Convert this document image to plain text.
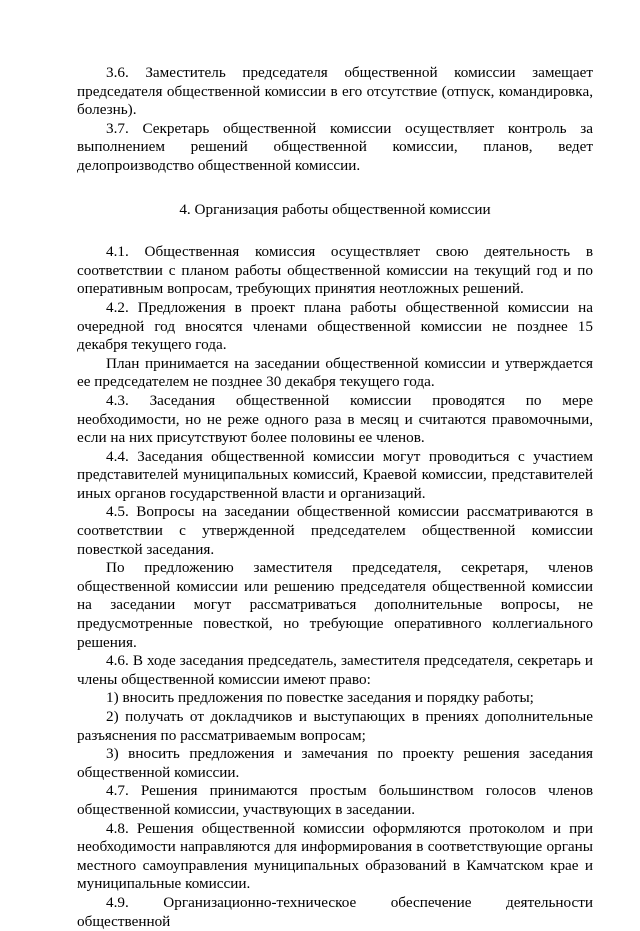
3.6. Заместитель председателя общественной комиссии замещает председателя общественной комиссии в его отсутствие (отпуск, командировка, болезнь).

3.7. Секретарь общественной комиссии осуществляет контроль за выполнением решений общественной комиссии, планов, ведет делопроизводство общественной комиссии.

4. Организация работы общественной комиссии

4.1. Общественная комиссия осуществляет свою деятельность в соответствии с планом работы общественной комиссии на текущий год и по оперативным вопросам, требующих принятия неотложных решений.

4.2. Предложения в проект плана работы общественной комиссии на очередной год вносятся членами общественной комиссии не позднее 15 декабря текущего года.

План принимается на заседании общественной комиссии и утверждается ее председателем не позднее 30 декабря текущего года.

4.3. Заседания общественной комиссии проводятся по мере необходимости, но не реже одного раза в месяц и считаются правомочными, если на них присутствуют более половины ее членов.

4.4. Заседания общественной комиссии могут проводиться с участием представителей муниципальных комиссий, Краевой комиссии, представителей иных органов государственной власти и организаций.

4.5. Вопросы на заседании общественной комиссии рассматриваются в соответствии с утвержденной председателем общественной комиссии повесткой заседания.

По предложению заместителя председателя, секретаря, членов общественной комиссии или решению председателя общественной комиссии на заседании могут рассматриваться дополнительные вопросы, не предусмотренные повесткой, но требующие оперативного коллегиального решения.

4.6. В ходе заседания председатель, заместителя председателя, секретарь и члены общественной комиссии имеют право:

1) вносить предложения по повестке заседания и порядку работы;

2) получать от докладчиков и выступающих в прениях дополнительные разъяснения по рассматриваемым вопросам;

3) вносить предложения и замечания по проекту решения заседания общественной комиссии.

4.7. Решения принимаются простым большинством голосов членов общественной комиссии, участвующих в заседании.

4.8. Решения общественной комиссии оформляются протоколом и при необходимости направляются для информирования в соответствующие органы местного самоуправления муниципальных образований в Камчатском крае и муниципальные комиссии.

4.9. Организационно-техническое обеспечение деятельности общественной
